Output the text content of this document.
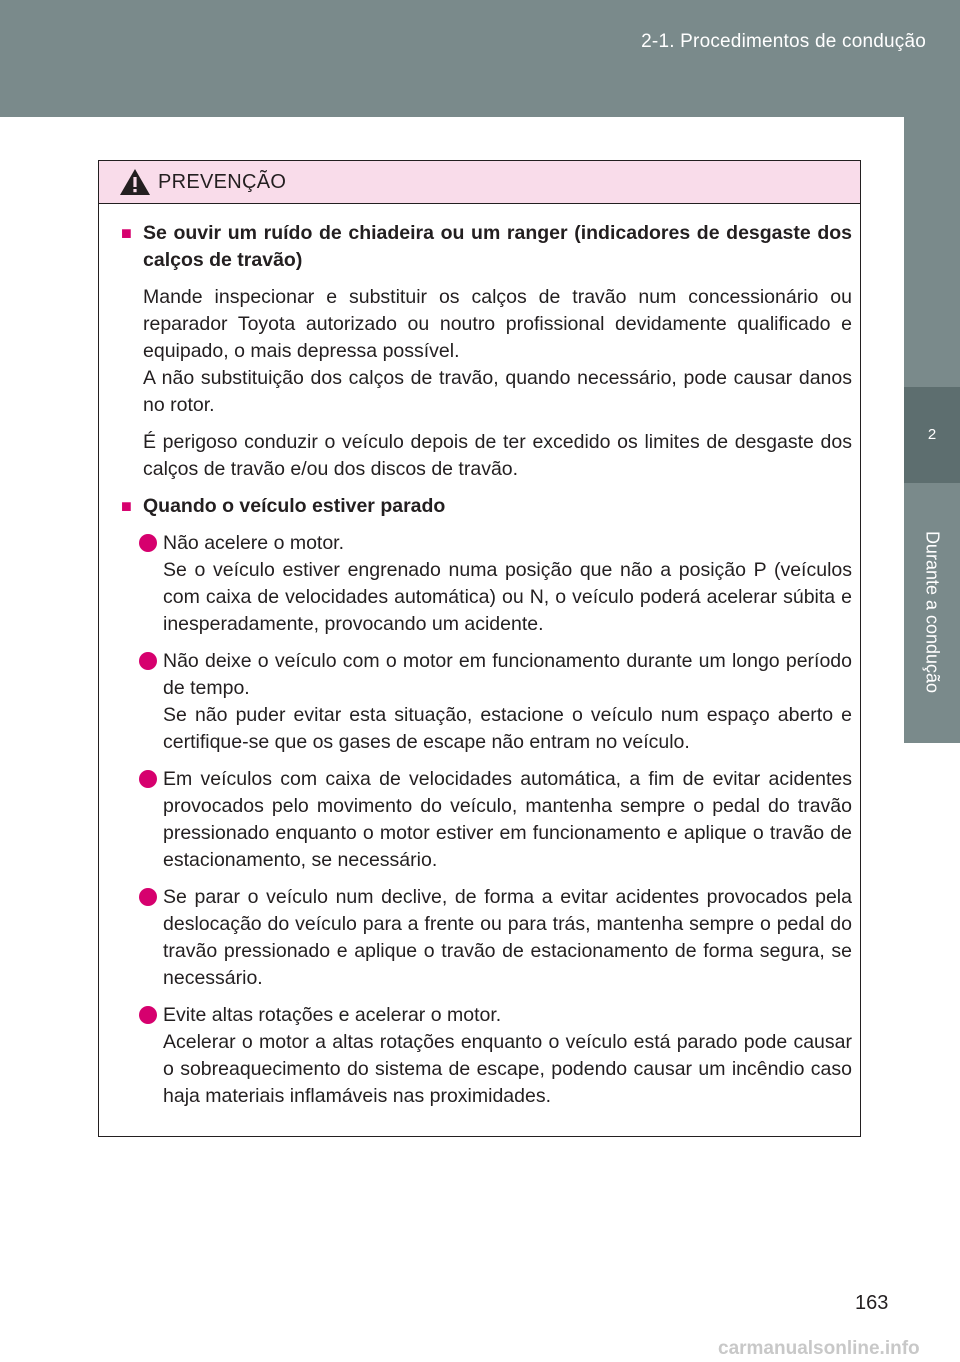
2-1. Procedimentos de condução
2
Durante a condução
PREVENÇÃO
■ Se ouvir um ruído de chiadeira ou um ranger (indicadores de desgaste dos calços de travão)

Mande inspecionar e substituir os calços de travão num concessionário ou reparador Toyota autorizado ou noutro profissional devidamente qualificado e equipado, o mais depressa possível.

A não substituição dos calços de travão, quando necessário, pode causar danos no rotor.

É perigoso conduzir o veículo depois de ter excedido os limites de desgaste dos calços de travão e/ou dos discos de travão.

■ Quando o veículo estiver parado

Não acelere o motor.

Se o veículo estiver engrenado numa posição que não a posição P (veículos com caixa de velocidades automática) ou N, o veículo poderá acelerar súbita e inesperadamente, provocando um acidente.

Não deixe o veículo com o motor em funcionamento durante um longo período de tempo.

Se não puder evitar esta situação, estacione o veículo num espaço aberto e certifique-se que os gases de escape não entram no veículo.

Em veículos com caixa de velocidades automática, a fim de evitar acidentes provocados pelo movimento do veículo, mantenha sempre o pedal do travão pressionado enquanto o motor estiver em funcionamento e aplique o travão de estacionamento, se necessário.

Se parar o veículo num declive, de forma a evitar acidentes provocados pela deslocação do veículo para a frente ou para trás, mantenha sempre o pedal do travão pressionado e aplique o travão de estacionamento de forma segura, se necessário.

Evite altas rotações e acelerar o motor.

Acelerar o motor a altas rotações enquanto o veículo está parado pode causar o sobreaquecimento do sistema de escape, podendo causar um incêndio caso haja materiais inflamáveis nas proximidades.

163
carmanualsonline.info
